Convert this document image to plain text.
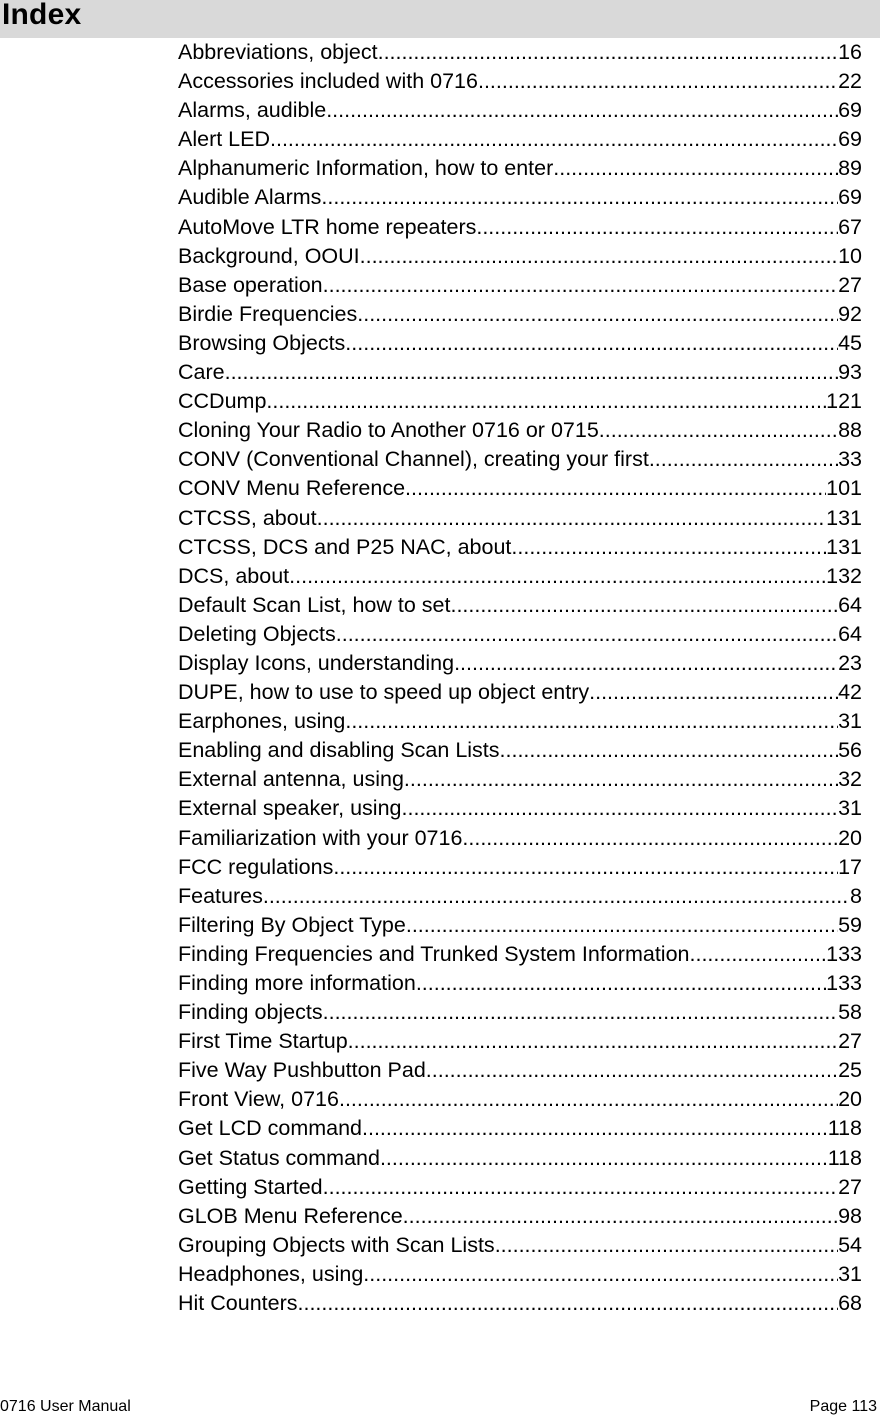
Index
Abbreviations, object .....	16
Accessories included with 0716 .....	22
Alarms, audible .....	69
Alert LED .....	69
Alphanumeric Information, how to enter .....	89
Audible Alarms .....	69
AutoMove LTR home repeaters .....	67
Background, OOUI .....	10
Base operation .....	27
Birdie Frequencies .....	92
Browsing Objects .....	45
Care .....	93
CCDump .....	121
Cloning Your Radio to Another 0716 or 0715 .....	88
CONV (Conventional Channel), creating your first .....	33
CONV Menu Reference .....	101
CTCSS, about .....	131
CTCSS, DCS and P25 NAC, about .....	131
DCS, about .....	132
Default Scan List, how to set .....	64
Deleting Objects .....	64
Display Icons, understanding .....	23
DUPE, how to use to speed up object entry .....	42
Earphones, using .....	31
Enabling and disabling Scan Lists .....	56
External antenna, using .....	32
External speaker, using .....	31
Familiarization with your 0716 .....	20
FCC regulations .....	17
Features .....	8
Filtering By Object Type .....	59
Finding Frequencies and Trunked System Information .....	133
Finding more information .....	133
Finding objects .....	58
First Time Startup .....	27
Five Way Pushbutton Pad .....	25
Front View, 0716 .....	20
Get LCD command .....	118
Get Status command .....	118
Getting Started .....	27
GLOB Menu Reference .....	98
Grouping Objects with Scan Lists .....	54
Headphones, using .....	31
Hit Counters .....	68
0716 User Manual	Page 113
